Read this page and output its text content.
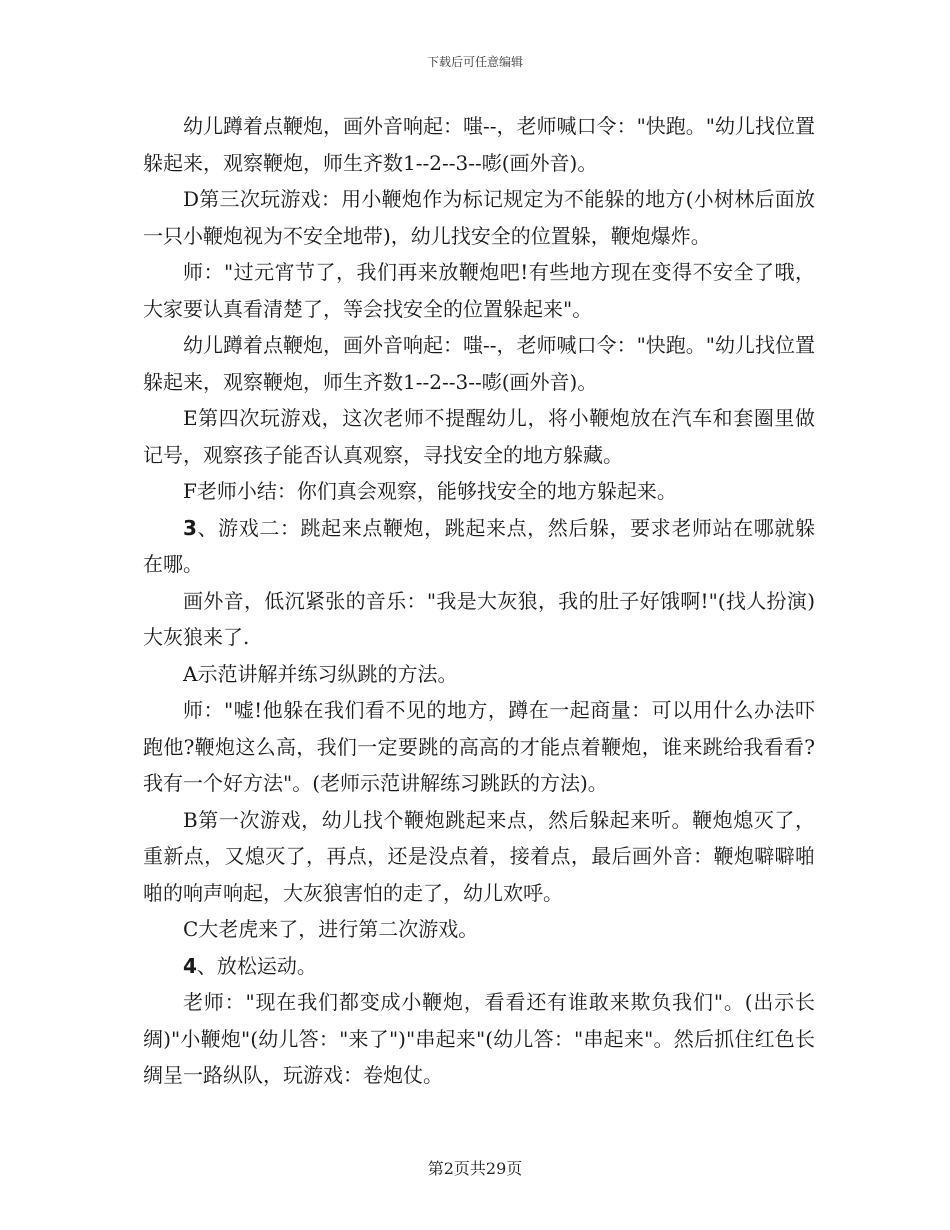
下载后可任意编辑

幼儿蹲着点鞭炮，画外音响起：嗤--，老师喊口令："快跑。"幼儿找位置躲起来，观察鞭炮，师生齐数1--2--3--嘭(画外音)。

D第三次玩游戏：用小鞭炮作为标记规定为不能躲的地方(小树林后面放一只小鞭炮视为不安全地带)，幼儿找安全的位置躲，鞭炮爆炸。

师："过元宵节了，我们再来放鞭炮吧!有些地方现在变得不安全了哦，大家要认真看清楚了，等会找安全的位置躲起来"。

幼儿蹲着点鞭炮，画外音响起：嗤--，老师喊口令："快跑。"幼儿找位置躲起来，观察鞭炮，师生齐数1--2--3--嘭(画外音)。

E第四次玩游戏，这次老师不提醒幼儿，将小鞭炮放在汽车和套圈里做记号，观察孩子能否认真观察，寻找安全的地方躲藏。

F老师小结：你们真会观察，能够找安全的地方躲起来。

3、游戏二：跳起来点鞭炮，跳起来点，然后躲，要求老师站在哪就躲在哪。

画外音，低沉紧张的音乐："我是大灰狼，我的肚子好饿啊!"(找人扮演)大灰狼来了.

A示范讲解并练习纵跳的方法。

师："嘘!他躲在我们看不见的地方，蹲在一起商量：可以用什么办法吓跑他?鞭炮这么高，我们一定要跳的高高的才能点着鞭炮，谁来跳给我看看?我有一个好方法"。(老师示范讲解练习跳跃的方法)。

B第一次游戏，幼儿找个鞭炮跳起来点，然后躲起来听。鞭炮熄灭了，重新点，又熄灭了，再点，还是没点着，接着点，最后画外音：鞭炮噼噼啪啪的响声响起，大灰狼害怕的走了，幼儿欢呼。

C大老虎来了，进行第二次游戏。

4、放松运动。

老师："现在我们都变成小鞭炮，看看还有谁敢来欺负我们"。(出示长绸)"小鞭炮"(幼儿答："来了")"串起来"(幼儿答："串起来"。然后抓住红色长绸呈一路纵队，玩游戏：卷炮仗。

第2页共29页
